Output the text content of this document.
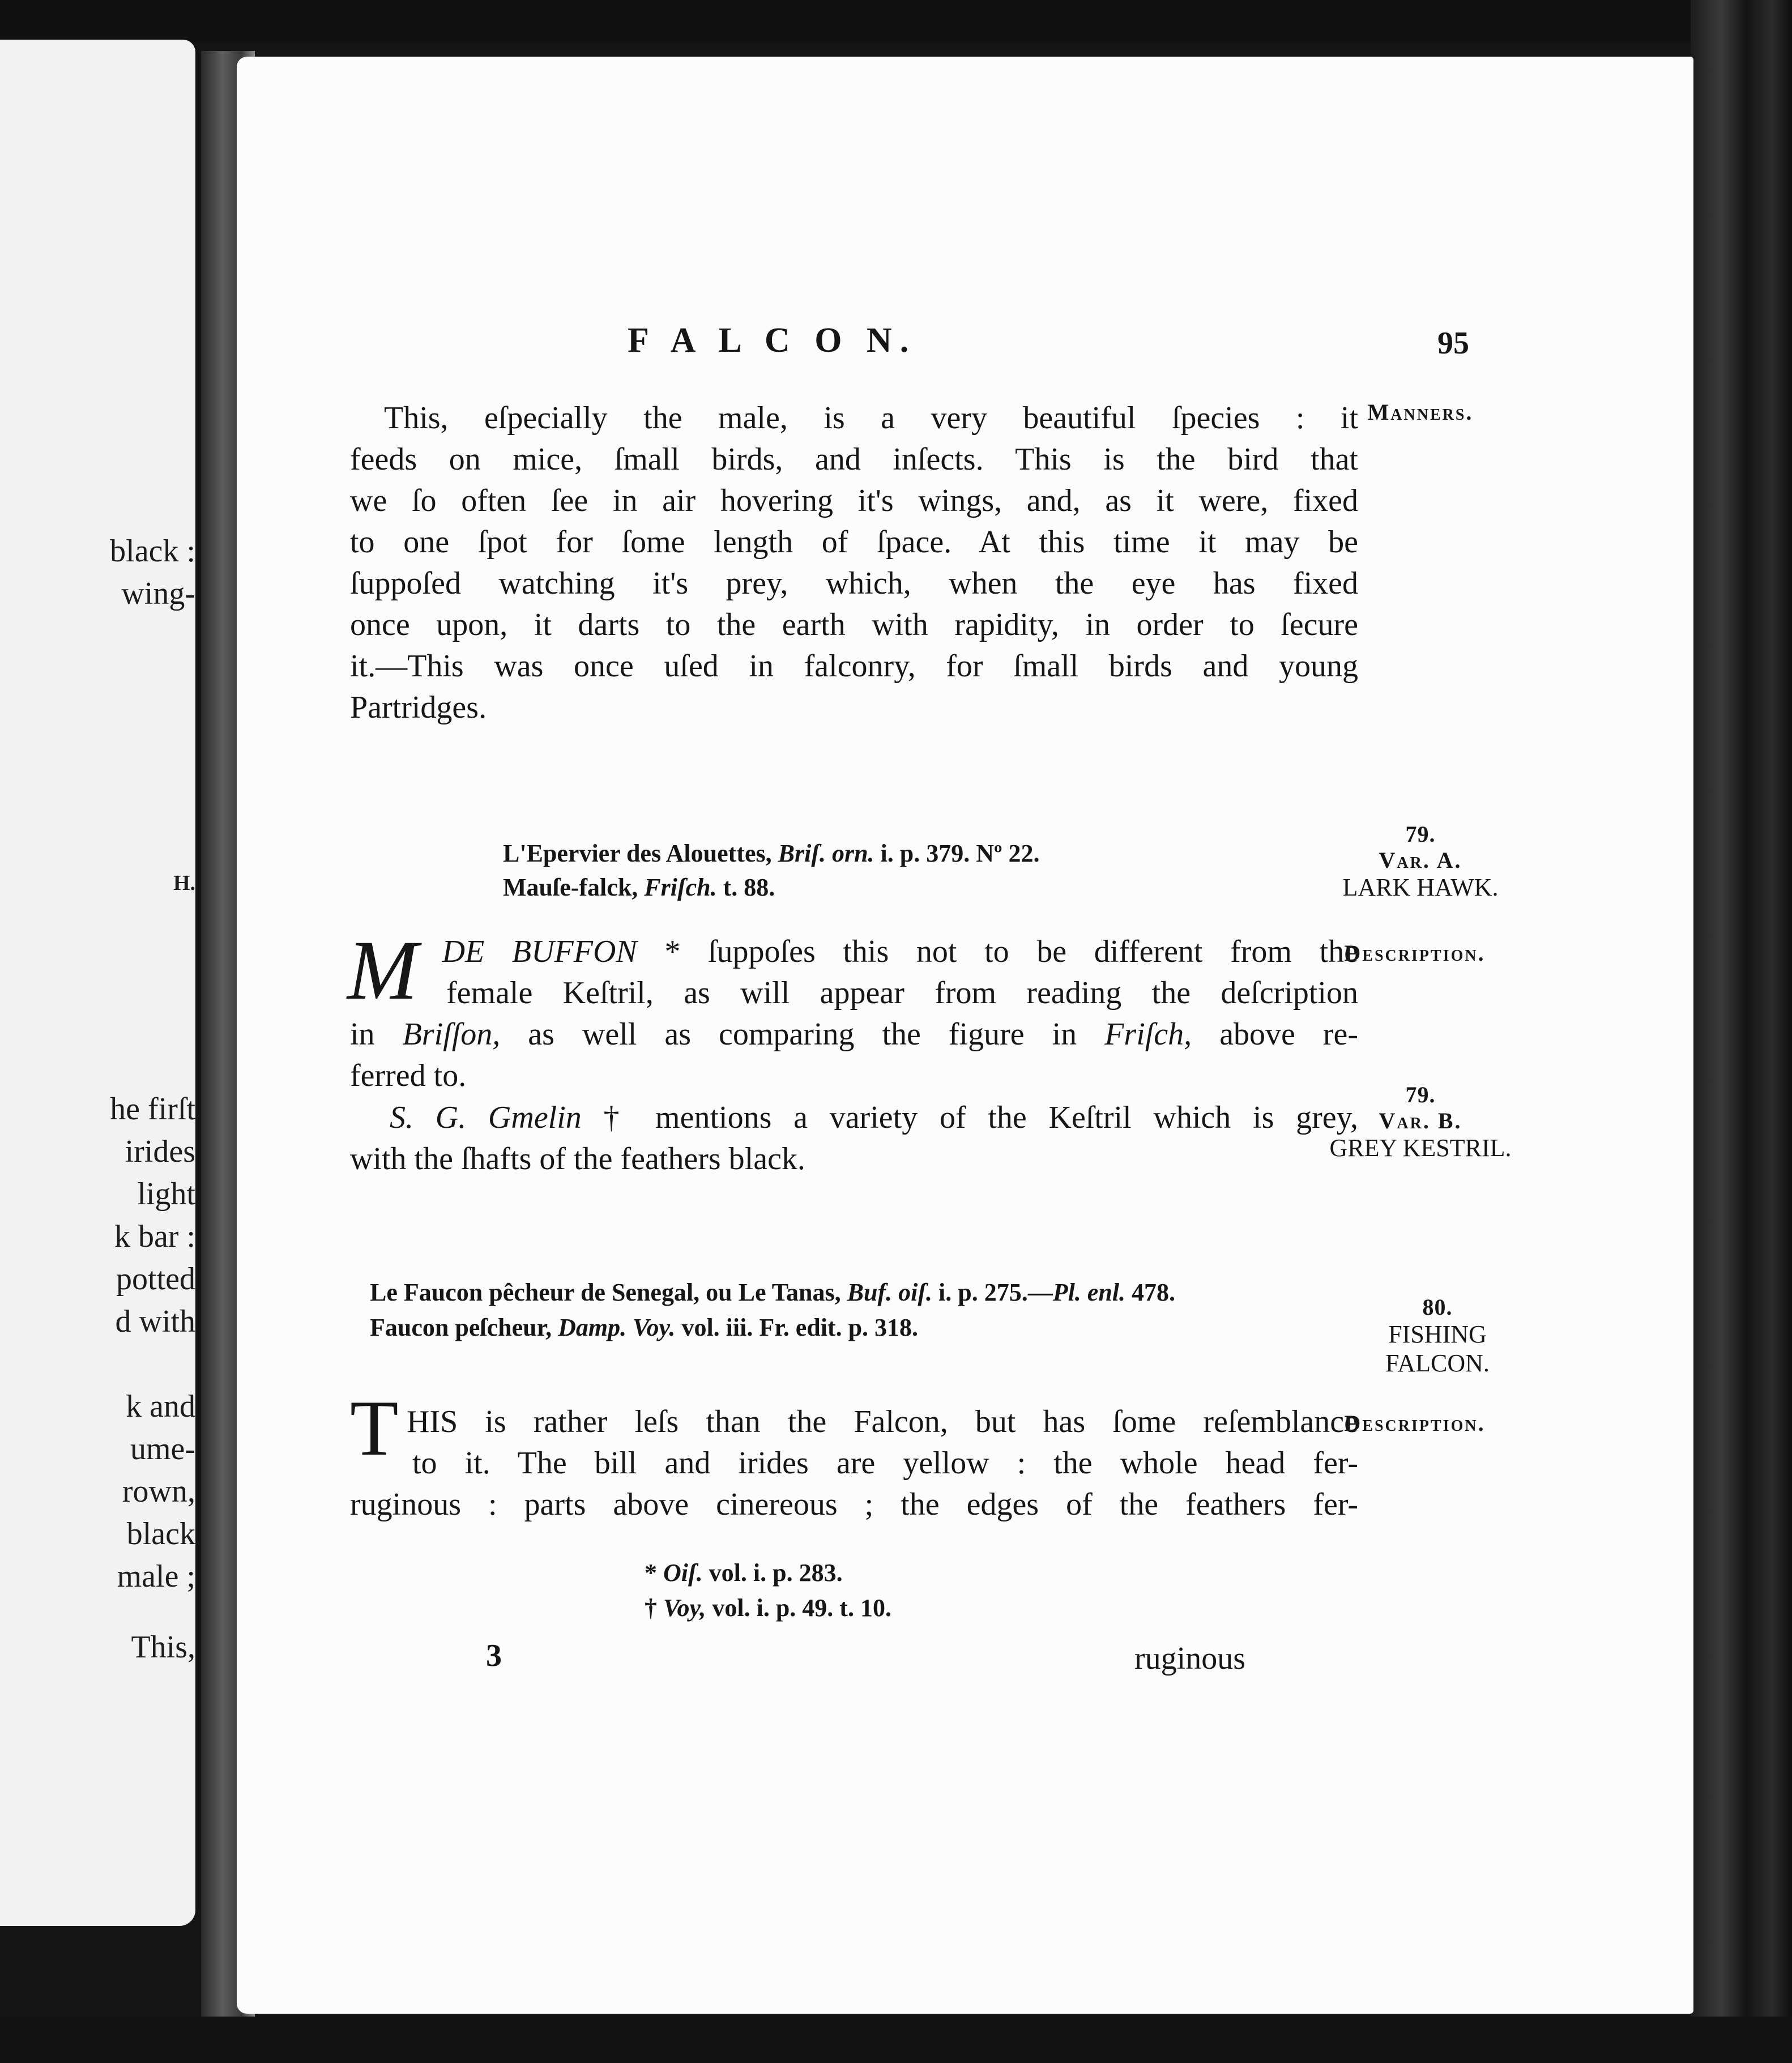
black :
wing-
H.
he firſt
irides
light
k bar :
potted
d with
k and
ume-
rown,
black
male ;
This,
F A L C O N.	95
Manners.
This, eſpecially the male, is a very beautiful ſpecies : it
feeds on mice, ſmall birds, and inſects. This is the bird that
we ſo often ſee in air hovering it's wings, and, as it were, fixed
to one ſpot for ſome length of ſpace. At this time it may be
ſuppoſed watching it's prey, which, when the eye has fixed
once upon, it darts to the earth with rapidity, in order to ſecure
it.—This was once uſed in falconry, for ſmall birds and young
Partridges.
79.
Var. A.
LARK HAWK.
L'Epervier des Alouettes, Briſ. orn. i. p. 379. Nº 22.
Mauſe-falck, Friſch. t. 88.
Description.
M
. DE BUFFON * ſuppoſes this not to be different from the
female Keſtril, as will appear from reading the deſcription
in Briſſon, as well as comparing the figure in Friſch, above re-
ferred to.
79.
Var. B.
GREY KESTRIL.
S. G. Gmelin † mentions a variety of the Keſtril which is grey,
with the ſhafts of the feathers black.
80.
FISHING
FALCON.
Le Faucon pêcheur de Senegal, ou Le Tanas, Buf. oiſ. i. p. 275.—Pl. enl. 478.
Faucon peſcheur, Damp. Voy. vol. iii. Fr. edit. p. 318.
Description.
T HIS is rather leſs than the Falcon, but has ſome reſemblance
to it. The bill and irides are yellow : the whole head fer-
ruginous : parts above cinereous ; the edges of the feathers fer-
* Oiſ. vol. i. p. 283.
† Voy, vol. i. p. 49. t. 10.
3	ruginous
